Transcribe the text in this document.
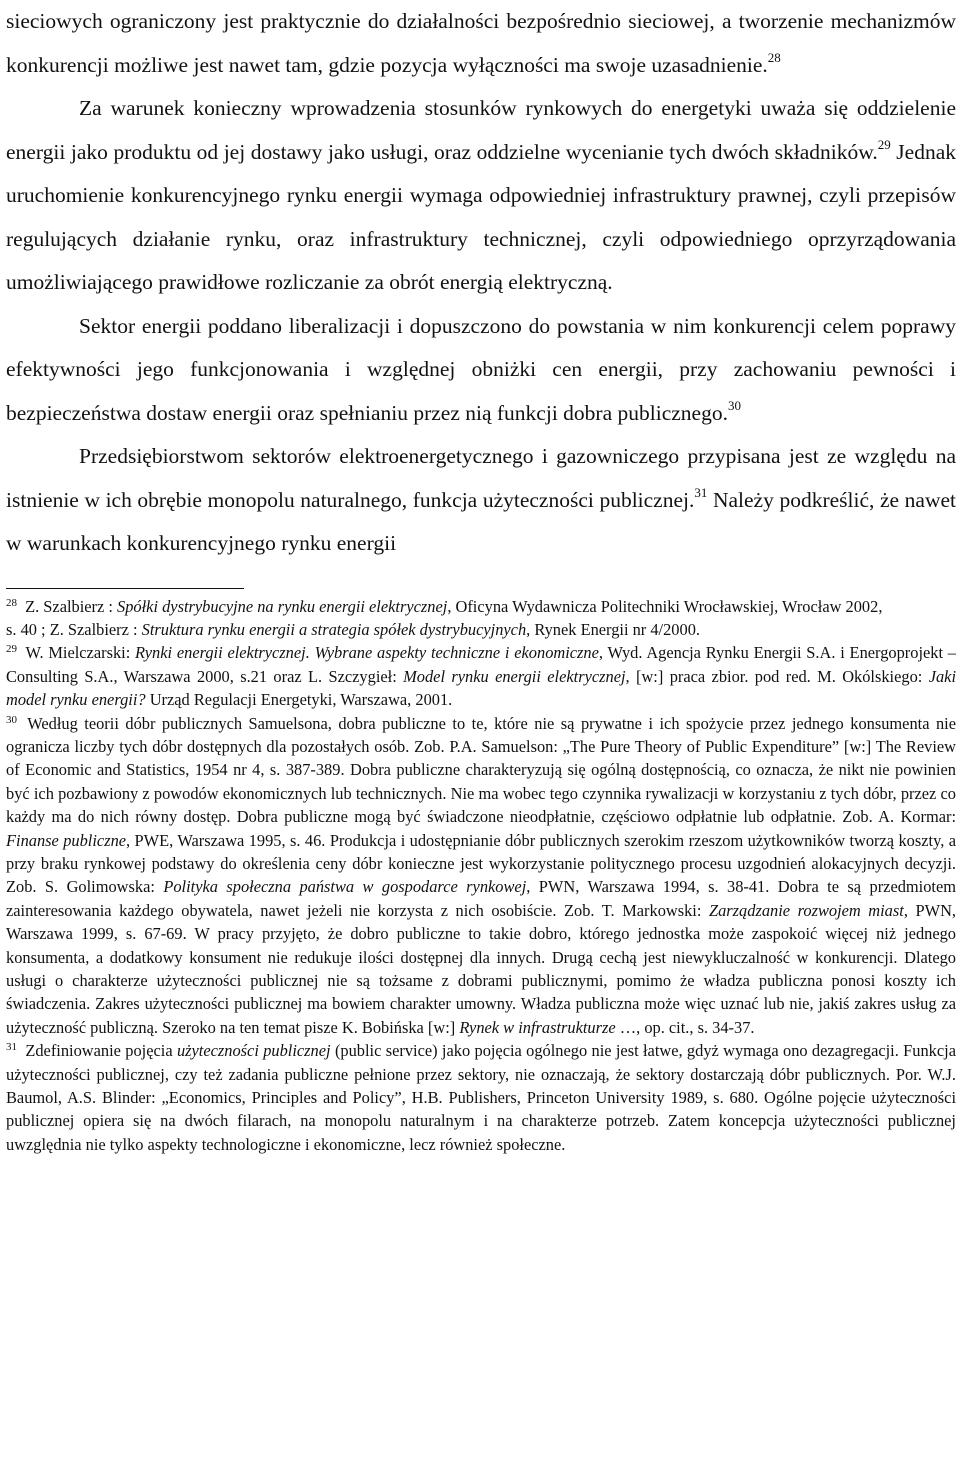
sieciowych ograniczony jest praktycznie do działalności bezpośrednio sieciowej, a tworzenie mechanizmów konkurencji możliwe jest nawet tam, gdzie pozycja wyłączności ma swoje uzasadnienie.$^{28}$

Za warunek konieczny wprowadzenia stosunków rynkowych do energetyki uważa się oddzielenie energii jako produktu od jej dostawy jako usługi, oraz oddzielne wycenianie tych dwóch składników.$^{29}$ Jednak uruchomienie konkurencyjnego rynku energii wymaga odpowiedniej infrastruktury prawnej, czyli przepisów regulujących działanie rynku, oraz infrastruktury technicznej, czyli odpowiedniego oprzyrządowania umożliwiającego prawidłowe rozliczanie za obrót energią elektryczną.

Sektor energii poddano liberalizacji i dopuszczono do powstania w nim konkurencji celem poprawy efektywności jego funkcjonowania i względnej obniżki cen energii, przy zachowaniu pewności i bezpieczeństwa dostaw energii oraz spełnianiu przez nią funkcji dobra publicznego.$^{30}$

Przedsiębiorstwom sektorów elektroenergetycznego i gazowniczego przypisana jest ze względu na istnienie w ich obrębie monopolu naturalnego, funkcja użyteczności publicznej.$^{31}$ Należy podkreślić, że nawet w warunkach konkurencyjnego rynku energii

$^{28}$ Z. Szalbierz : Spółki dystrybucyjne na rynku energii elektrycznej, Oficyna Wydawnicza Politechniki Wrocławskiej, Wrocław 2002,
s. 40 ; Z. Szalbierz : Struktura rynku energii a strategia spółek dystrybucyjnych, Rynek Energii nr 4/2000.

$^{29}$ W. Mielczarski: Rynki energii elektrycznej. Wybrane aspekty techniczne i ekonomiczne, Wyd. Agencja Rynku Energii S.A. i Energoprojekt – Consulting S.A., Warszawa 2000, s.21 oraz L. Szczygieł: Model rynku energii elektrycznej, [w:] praca zbior. pod red. M. Okólskiego: Jaki model rynku energii? Urząd Regulacji Energetyki, Warszawa, 2001.

$^{30}$ Według teorii dóbr publicznych Samuelsona, dobra publiczne to te, które nie są prywatne i ich spożycie przez jednego konsumenta nie ogranicza liczby tych dóbr dostępnych dla pozostałych osób. Zob. P.A. Samuelson: „The Pure Theory of Public Expenditure” [w:] The Review of Economic and Statistics, 1954 nr 4, s. 387-389. Dobra publiczne charakteryzują się ogólną dostępnością, co oznacza, że nikt nie powinien być ich pozbawiony z powodów ekonomicznych lub technicznych. Nie ma wobec tego czynnika rywalizacji w korzystaniu z tych dóbr, przez co każdy ma do nich równy dostęp. Dobra publiczne mogą być świadczone nieodpłatnie, częściowo odpłatnie lub odpłatnie. Zob. A. Kormar: Finanse publiczne, PWE, Warszawa 1995, s. 46. Produkcja i udostępnianie dóbr publicznych szerokim rzeszom użytkowników tworzą koszty, a przy braku rynkowej podstawy do określenia ceny dóbr konieczne jest wykorzystanie politycznego procesu uzgodnień alokacyjnych decyzji. Zob. S. Golimowska: Polityka społeczna państwa w gospodarce rynkowej, PWN, Warszawa 1994, s. 38-41. Dobra te są przedmiotem zainteresowania każdego obywatela, nawet jeżeli nie korzysta z nich osobiście. Zob. T. Markowski: Zarządzanie rozwojem miast, PWN, Warszawa 1999, s. 67-69. W pracy przyjęto, że dobro publiczne to takie dobro, którego jednostka może zaspokoić więcej niż jednego konsumenta, a dodatkowy konsument nie redukuje ilości dostępnej dla innych. Drugą cechą jest niewykluczalność w konkurencji. Dlatego usługi o charakterze użyteczności publicznej nie są tożsame z dobrami publicznymi, pomimo że władza publiczna ponosi koszty ich świadczenia. Zakres użyteczności publicznej ma bowiem charakter umowny. Władza publiczna może więc uznać lub nie, jakiś zakres usług za użyteczność publiczną. Szeroko na ten temat pisze K. Bobińska [w:] Rynek w infrastrukturze …, op. cit., s. 34-37.

$^{31}$ Zdefiniowanie pojęcia użyteczności publicznej (public service) jako pojęcia ogólnego nie jest łatwe, gdyż wymaga ono dezagregacji. Funkcja użyteczności publicznej, czy też zadania publiczne pełnione przez sektory, nie oznaczają, że sektory dostarczają dóbr publicznych. Por. W.J. Baumol, A.S. Blinder: „Economics, Principles and Policy”, H.B. Publishers, Princeton University 1989, s. 680. Ogólne pojęcie użyteczności publicznej opiera się na dwóch filarach, na monopolu naturalnym i na charakterze potrzeb. Zatem koncepcja użyteczności publicznej uwzględnia nie tylko aspekty technologiczne i ekonomiczne, lecz również społeczne.
